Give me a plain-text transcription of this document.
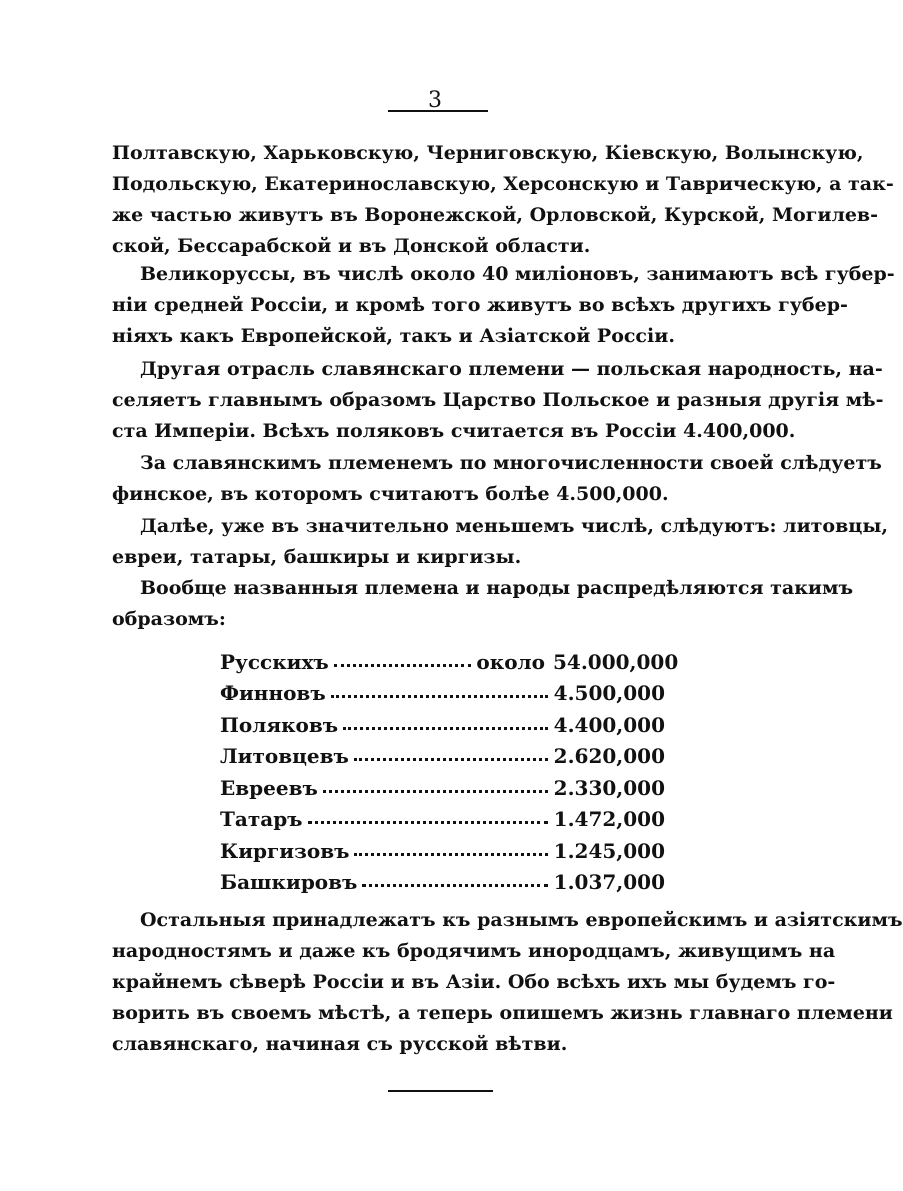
3
Полтавскую, Харьковскую, Черниговскую, Кіевскую, Волынскую,
Подольскую, Екатеринославскую, Херсонскую и Таврическую, а так-
же частью живутъ въ Воронежской, Орловской, Курской, Могилев-
ской, Бессарабской и въ Донской области.
Великоруссы, въ числѣ около 40 милiоновъ, занимаютъ всѣ губер-
ніи средней Россіи, и кромѣ того живутъ во всѣхъ другихъ губер-
ніяхъ какъ Европейской, такъ и Азіатской Россіи.
Другая отрасль славянскаго племени — польская народность, на-
селяетъ главнымъ образомъ Царство Польское и разныя другія мѣ-
ста Имперіи. Всѣхъ поляковъ считается въ Россіи 4.400,000.
За славянскимъ племенемъ по многочисленности своей слѣдуетъ
финское, въ которомъ считаютъ болѣе 4.500,000.
Далѣе, уже въ значительно меньшемъ числѣ, слѣдуютъ: литовцы,
евреи, татары, башкиры и киргизы.
Вообще названныя племена и народы распредѣляются такимъ
образомъ:
Русскихъ	около 54.000,000
Финновъ	4.500,000
Поляковъ	4.400,000
Литовцевъ	2.620,000
Евреевъ	2.330,000
Татаръ	1.472,000
Киргизовъ	1.245,000
Башкировъ	1.037,000
Остальныя принадлежатъ къ разнымъ европейскимъ и азіятскимъ
народностямъ и даже къ бродячимъ инородцамъ, живущимъ на
крайнемъ сѣверѣ Россіи и въ Азіи. Обо всѣхъ ихъ мы будемъ го-
ворить въ своемъ мѣстѣ, а теперь опишемъ жизнь главнаго племени
славянскаго, начиная съ русской вѣтви.
